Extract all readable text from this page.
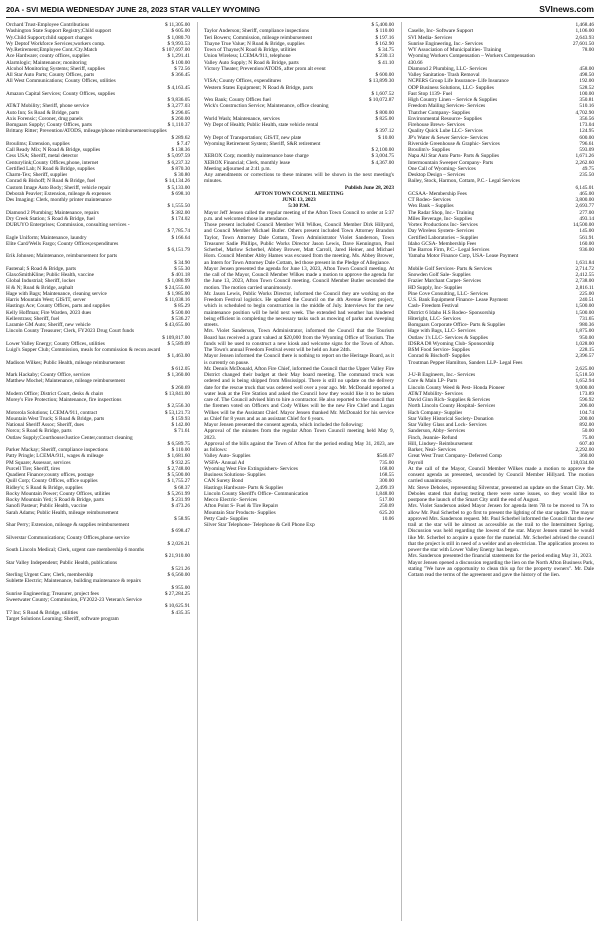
20A - SVI MEDIA WEDNESDAY JUNE 28, 2023 STAR VALLEY WYOMING	SVInews.com
Orchard Trust-Employee Contributions	$ 11,305.00
Washington State Support Registry;Child support	$ 605.00
Wy.Child Support;child support changes	$ 1,080.70
Wy Deptof Workforce Services;workers comp.	$ 9,993.53
Wy.Retirement;Employee Cont./Cty.Match	$ 107,697.00
Ace Hardware; county offices, supplies	$ 1,291.41
Alarmlogic; Maintenance; monitoring	$ 100.00
Alcohol Monitoring Systems; Sheriff, supplies	$ 72.56
All Star Auto Parts; County Offices, parts	$ 366.45
All West Communications; County Offices, utilities
$ 4,163.45
Amazon Capital Services; County Offices, supplies
$ 9,836.05
AT&T Mobility; Sheriff, phone service	$ 3,277.03
Auto Inn; Ss Road & Bridge, parts	$ 296.05
Axis Forensic; Coroner, drug panels	$ 260.00
Bomgaars Supply; County Offices, parts	$ 1,110.37
Brittany Ritter; Prevention/ATODS, mileage/phone reimbursement/supplies
$ 289.62
Broulims; Extension, supplies	$ 7.47
Call Ready Mix; N Road & Bridge, supplies	$ 138.36
Cess USA; Sheriff, metal detector	$ 5,097.59
Centurylink;County Offices,phone, internet	$ 6,237.32
Certified Lab; N Road & Bridge, supplies	$ 870.30
Charm-Tex; Sheriff, supplies	$ 30.80
Conrad & Bishoff; N Road & Bridge, fuel	$ 14,134.26
Custom Image Auto Body; Sheriff, vehicle repair	$ 5,133.00
Deborah Peavler; Extension, mileage & expenses	$ 698.10
Des Imaging: Clerk, monthly printer maintenance
$ 1,555.50
Diamond 2 Plumbing; Maintenance, repairs	$ 382.00
Dry Creek Station; S Road & Bridge, fuel	$ 174.02
DUBUYO Enterprises; Commission, consulting services -
$ 7,785.74
Eagle Uniform; Maintenance, laundry	$ 166.64
Elite Card/Wells Fargo; County Offices;expenditures
$ 6,151.79
Erik Johnsen; Maintenance, reimbursement for parts
$ 34.90
Fastenal; S Road & Bridge, parts	$ 55.30
GlaxoSmithKline; Public Health, vaccine	$ 401.18
Global Industrial; Sheriff, locker	$ 1,086.99
H & N; Road & Bridge, asphalt	$ 24,555.60
Hage with Bags; Maintenance, cleaning service	$ 1,985.00
Harris Mountain West; GIS/IT, server	$ 11,038.16
Hastings Ace; County Offices, parts and supplies	$ 85.29
Kelly Hoffman; Fire Warden, 2023 dues	$ 500.00
Kellerstrass; Sheriff, fuel	$ 536.27
Laramie GM Auto; Sheriff, new vehicle	$ 43,655.00
Lincoln County Treasurer; Clerk, FY2023 Drug Court funds
$ 109,817.00
Lower Valley Energy; County Offices, utilities	$ 5,589.09
Luigi's Supper Club; Commission, meals for commission & recon award
$ 1,463.00
Madison Wilkes; Public Health, mileage reimbursement
$ 612.05
Mark Hackaby; County Office, services	$ 1,360.00
Matthew Mochel; Maintenance, mileage reimbursement
$ 260.69
Modern Office; District Court, desks & chairs	$ 13,841.00
Morey's Fire Protection; Maintenance, fire inspections
$ 2,556.30
Motorola Solutions; LCEMA/911, contract	$ 53,121.73
Mountain West Truck; S Road & Bridge, parts	$ 159.93
National Sheriff Assoc; Sheriff, dues	$ 142.00
Norco; S Road & Bridge, parts	$ 71.61
Outlaw Supply;Courthouse/Justice Center,contract cleaning
$ 6,589.75
Parker Mackay; Sheriff, compliance inspections	$ 110.00
Patty Pringle; LCEMA/911, wages & mileage	$ 1,681.60
PM Square; Assessor, services	$ 932.25
Purcell Tire; Sheriff, tires	$ 2,748.00
Quadient Finance;county offices, postage	$ 5,500.00
Quill Corp; County Offices, office supplies	$ 1,755.27
Ridley's; S Road & Bridge, supplies	$ 68.37
Rocky Mountain Power; County Offices, utilities	$ 5,261.99
Rocky Mountain Yeti; S Road & Bridge, parts	$ 231.99
Sanofi Pasteur; Public Health, vaccine	$ 473.26
Sarah Adams; Public Health, mileage reimbursement
$ 58.95
Shar Perry; Extension, mileage & supplies reimbursement
$ 698.47
Silverstar Communications; County Offices,phone service
$ 2,026.21
South Lincoln Medical; Clerk, urgent care membership 6 months
$ 21,910.00
Star Valley Independent; Public Health, publications
$ 521.26
Sterling Urgent Care; Clerk, membership	$ 6,560.00
Sublette Electric; Maintenance, building maintenance & repairs
$ 955.00
Sunrise Engineering; Treasurer, project fees	$ 27,284.25
Sweetwater County; Commission, FY2022-23 Veteran's Service
$ 10,625.91
T7 Inc; S Road & Bridge, utilities	$ 435.35
Target Solutions Learning; Sheriff, software program
$ 5,400.00
Taylor Anderson; Sheriff, compliance inspections	$ 110.00
Teri Bowers; Commission, mileage reimbursement	$ 197.16
Thayne True Value; N Road & Bridge, supplies	$ 162.90
Town of Thayne;N Road & Bridge, utilities	$ 34.75
Union Wireless; LCEMA/911, telephone	$ 230.13
Valley Auto Supply; N Road & Bridge, parts	$ 41.10
Victory Theater; Prevention/ATODS, after prom alt event
$ 600.00
VISA; County Offices, expenditures	$ 13,899.30
Western States Equipment; N Road & Bridge, parts
$ 1,607.52
Wex Bank; County Offices fuel	$ 10,072.87
Wick's Construction Service; Maintenance, office cleaning
$ 800.00
World Wash; Maintenance, services	$ 825.00
Wy Dept of Health; Public Health, state vehicle rental
$ 397.12
Wy Dept of Transportation; GIS/IT, new plate	$ 10.00
Wyoming Retirement System; Sheriff, S&R retirement
$ 2,100.00
XEROX Corp; monthly maintenance base charge	$ 3,004.75
XEROX Financial; Clerk, monthly lease	$ 4,367.00
Meeting adjourned at 2:41 p.m.
Any amendments or corrections to these minutes will be shown in the next meeting's minutes.
Publish June 28, 2023
AFTON TOWN COUNCIL MEETING
JUNE 13, 2023
5:30 P.M.
Mayor Jeff Jensen called the regular meeting of the Afton Town Council to order at 5:37 p.m. and welcomed those in attendance.
Those present included Council Member Will Wilkes, Council Member Dirk Hillyard, and Council Member Michael Butler. Others present included Town Attorney Brandon Taylor, Town Attorney Dale Cottam, Town Administrator Violet Sanderson, Town Treasurer Sadie Phillips, Public Works Director Jason Lewis, Dave Kennington, Paul Scherbel, Marlow Scherbel, Abbey Brower, Matt Carroll, Jared Heiner, and Michael Horn. Council Member Abby Hames was excused from the meeting. Ms. Abbey Brower, an Intern for Town Attorney Dale Cottam, led those present in the Pledge of Allegiance.
Mayor Jensen presented the agenda for June 13, 2023, Afton Town Council meeting. At the call of the Mayor, Council Member Wilkes made a motion to approve the agenda for the June 13, 2023, Afton Town Council meeting. Council Member Butler seconded the motion. The motion carried unanimously.
Mr. Jason Lewis, Public Works Director, informed the Council they are working on the Freedom Festival logistics. He updated the Council on the 4th Avenue Street project, which is scheduled to begin construction in the middle of July. Interviews for the new maintenance position will be held next week. The extended bad weather has hindered being efficient in completing the necessary tasks such as mowing of parks and sweeping streets.
Mrs. Violet Sanderson, Town Administrator, informed the Council that the Tourism Board has received a grant valued at $20,000 from the Wyoming Office of Tourism. The funds will be used to construct a new kiosk and welcome signs for the Town of Afton. The Town's annual Freedom Festival event will be held on June 24th.
Mayor Jensen informed the Council there is nothing to report on the Heritage Board, as it is currently on pause.
Mr. Dennis McDonald, Afton Fire Chief, informed the Council that the Upper Valley Fire District changed their budget at their May board meeting. The command truck was ordered and is being shipped from Mississippi. There is still no update on the delivery date for the rescue truck that was ordered well over a year ago. Mr. McDonald reported a water leak at the Fire Station and asked the Council how they would like it to be taken care of. The Council advised him to hire a contractor. He also reported to the council that the firemen voted on Officers and Cody Wilkes will be the new Fire Chief and Logan Wilkes will be the Assistant Chief. Mayor Jensen thanked Mr. McDonald for his service as Chief for 8 years and as an assistant Chief for 6 years.
Mayor Jensen presented the consent agenda, which included the following:
Approval of the minutes from the regular Afton Town Council meeting held May 9, 2023.
Approval of the bills against the Town of Afton for the period ending May 31, 2023, are as follows:
Valley Auto- Supplies	$546.07
WSFA- Annual Ad	735.00
Wyoming West Fire Extinguishers- Services	168.00
Business Solutions- Supplies	168.55
CAN Surety Bond	300.00
Hastings Hardware- Parts & Supplies	2,499.19
Lincoln County Sheriff's Office- Communication	1,848.00
Mecco Electric- Services	517.00
Afton Point S- Fuel & Tire Repairs	250.09
Mountain Star Products- Supplies	625.20
Petty Cash- Supplies	10.06
Silver Star Telephone- Telephone & Cell Phone Exp
1,468.46
Caselle, Inc- Software Support	1,106.00
SVI Media- Services	2,643.93
Sunrise Engineering, Inc.- Services	27,601.50
WY Association of Municipalities- Training	78.00
Wyoming Workers Compensation – Workers Compensation
430.66
Diamond 2 Plumbing, LLC- Services	458.00
Valley Sanitation- Trash Removal	498.50
NCPERS Group Life Insurance- Life Insurance	192.00
ODP Business Solutions, LLC- Supplies	528.52
Fast Stop 1139- Fuel	100.00
High Country Linen – Service & Supplies	350.81
Freedom Mailing Services- Services	510.16
Thatcher Company- Supplies	4,702.90
Environmental Resource- Supplies	356.56
Firehouse Brews- Services	173.04
Quality Quick Lube LLC- Services	124.95
JP's Water & Sewer Service- Services	600.00
Riverside Greenhouse & Graphic- Services	796.61
Broulim's- Supplies	593.09
Napa All Star Auto Parts- Parts & Supplies	1,671.26
Intermountain Sweeper Company- Parts	2,262.60
One Call of Wyoming- Services	49.75
Desktop Design – Services	235.50
Bailey, Stock, Harmon, Cottam, P.C.- Legal Services
6,145.01
GCSAA- Membership Fees	465.00
CT Rodeo- Services	3,800.00
Wex Bank – Supplies	2,693.77
The Radar Shop, Inc.- Training	277.00
Miles Beverage, Inc- Supplies	493.14
Vortex Productions Inc- Services	14,500.00
Day Wireless System- Services	145.00
Certified Laboratories – Supplies	561.91
Idaho GCSA- Membership Fees	160.00
The Barron Firm, P.C.- Legal Services	936.00
Yamaha Motor Finance Corp, USA- Lease Payment
1,631.84
Mobile Golf Services- Parts & Services	2,714.72
Snowden Golf Sale- Supplies	2,412.55
Frazier Marchant Carpet- Services	2,738.00
HD Supply, Inc- Supplies	2,816.11
Pine Cove Consulting, LLC- Services	225.00
U.S. Bank Equipment Finance- Lease Payment	240.51
Cash- Freedom Festival	1,500.00
District 6 Idaho H.S Rodeo- Sponsorship	1,500.00
Hiteright, LLC- Services	731.65
Bomgaars Corporate Office- Parts & Supplies	980.36
Hage with Bags, LLC- Services	1,875.00
Outlaw 1's LLC- Services & Supplies	950.00
IDSRA D8 Wyoming Club- Sponsorship	1,028.00
BSM Food Service- Supplies	228.15
Conrad & Bischoff- Supplies	2,396.57
Troutman Pepper Hamilton, Sanders LLP- Legal Fees
2,625.00
J-U-B Engineers, Inc.- Services	5,518.50
Core & Main LP- Parts	1,652.94
Lincoln County Weed & Pest- Honda Pioneer	9,000.00
AT&T Mobility- Services	173.89
David Ginn Rich- Supplies & Services	596.92
North Lincoln County Hospital- Services	206.00
Hach Company- Supplies	104.74
Star Valley Historical Society- Donation	200.00
Star Valley Glass and Lock- Services	892.00
Sanderson, Abby- Services	50.00
Finch, Jeannie- Refund	75.00
Hill, Lindsey- Reimbursement	607.40
Barker, Neal- Services	2,292.00
Great West Trust Company- Deferred Comp	360.00
Payroll	118,034.60
At the call of the Mayor, Council Member Wilkes made a motion to approve the consent agenda as presented, seconded by Council Member Hillyard. The motion carried unanimously.
Mr. Steve Deboles, representing Silverstar, presented an update on the Smart City. Mr. Deboles stated that during testing there were some issues, so they would like to postpone the launch of the Smart City until the end of August.
Mrs. Violet Sanderson asked Mayor Jensen for agenda item 7B to be moved to 7A to allow Mr. Paul Scherbel to go first to present the lighting of the star update. The mayor approved Mrs. Sanderson request. Mr. Paul Scherbel informed the Council that the new trail at the star will be almost as accessible as the trail to the Intermittent Spring. Discussion was held regarding the lowest of the star. Mayor Jensen stated he would like Mr. Scherbel to acquire a quote for the material. Mr. Scherbel advised the council that the project is still in need of a welder and an electrician. The application process to power the star with Lower Valley Energy has begun.
Mrs. Sanderson presented the financial statements for the period ending May 31, 2023.
Mayor Jensen opened a discussion regarding the lien on the North Afton Business Park, stating "We have an opportunity to clean this up for the property owners". Mr. Dale Cottam read the terms of the agreement and gave the history of the lien.
